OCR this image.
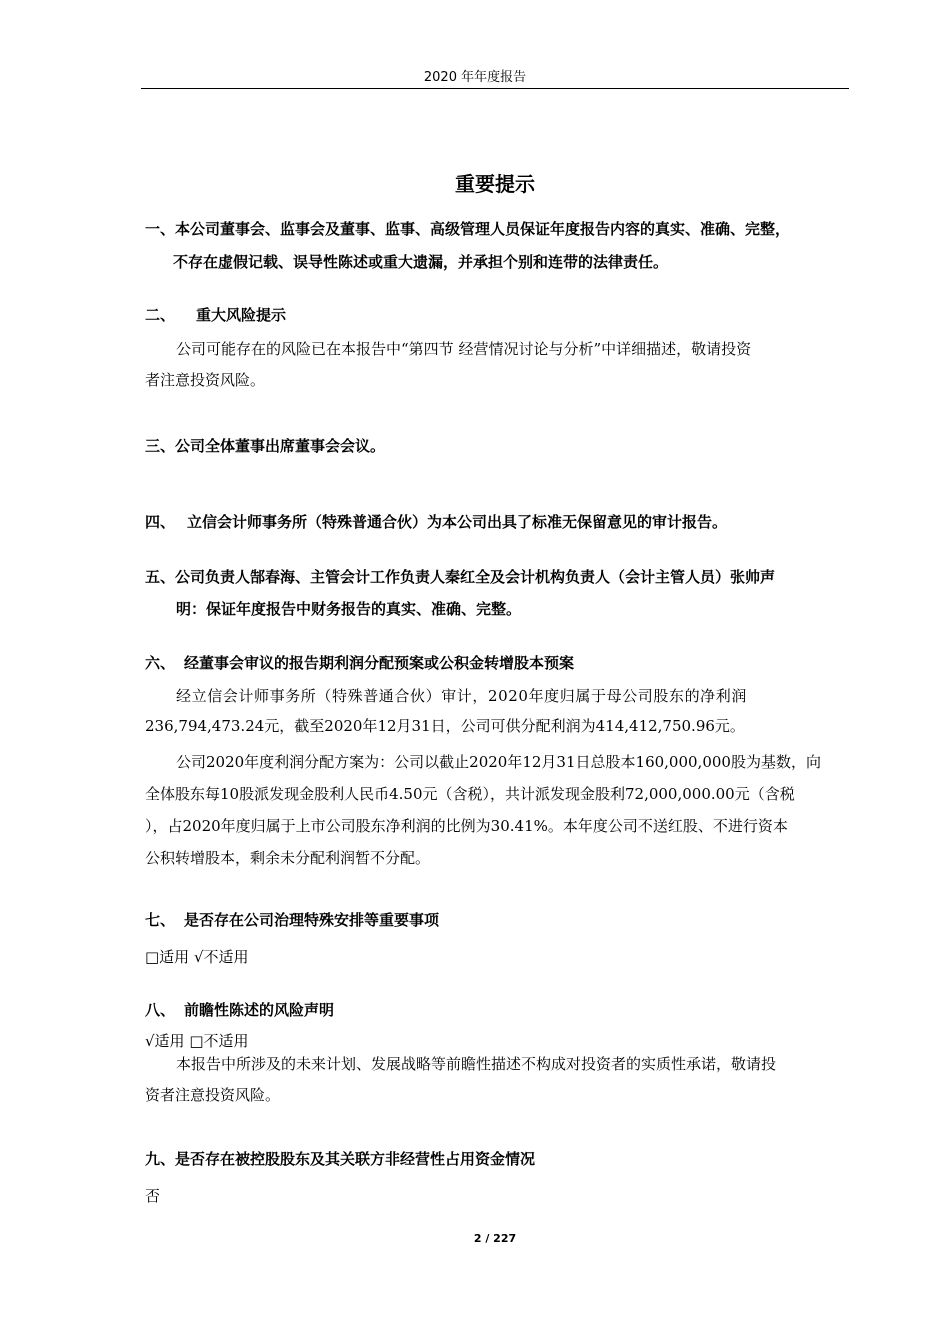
2020 年年度报告
重要提示
一、本公司董事会、监事会及董事、监事、高级管理人员保证年度报告内容的真实、准确、完整，
不存在虚假记载、误导性陈述或重大遗漏，并承担个别和连带的法律责任。
二、 重大风险提示
公司可能存在的风险已在本报告中“第四节 经营情况讨论与分析”中详细描述，敬请投资
者注意投资风险。
三、公司全体董事出席董事会会议。
四、 立信会计师事务所（特殊普通合伙）为本公司出具了标准无保留意见的审计报告。
五、公司负责人郜春海、主管会计工作负责人秦红全及会计机构负责人（会计主管人员）张帅声
明：保证年度报告中财务报告的真实、准确、完整。
六、 经董事会审议的报告期利润分配预案或公积金转增股本预案
经立信会计师事务所（特殊普通合伙）审计，2020年度归属于母公司股东的净利润
236,794,473.24元，截至2020年12月31日，公司可供分配利润为414,412,750.96元。
公司2020年度利润分配方案为：公司以截止2020年12月31日总股本160,000,000股为基数，向
全体股东每10股派发现金股利人民币4.50元（含税），共计派发现金股利72,000,000.00元（含税
），占2020年度归属于上市公司股东净利润的比例为30.41%。本年度公司不送红股、不进行资本
公积转增股本，剩余未分配利润暂不分配。
七、 是否存在公司治理特殊安排等重要事项
□适用 √不适用
八、 前瞻性陈述的风险声明
√适用 □不适用
本报告中所涉及的未来计划、发展战略等前瞻性描述不构成对投资者的实质性承诺，敬请投
资者注意投资风险。
九、是否存在被控股股东及其关联方非经营性占用资金情况
否
2 / 227
